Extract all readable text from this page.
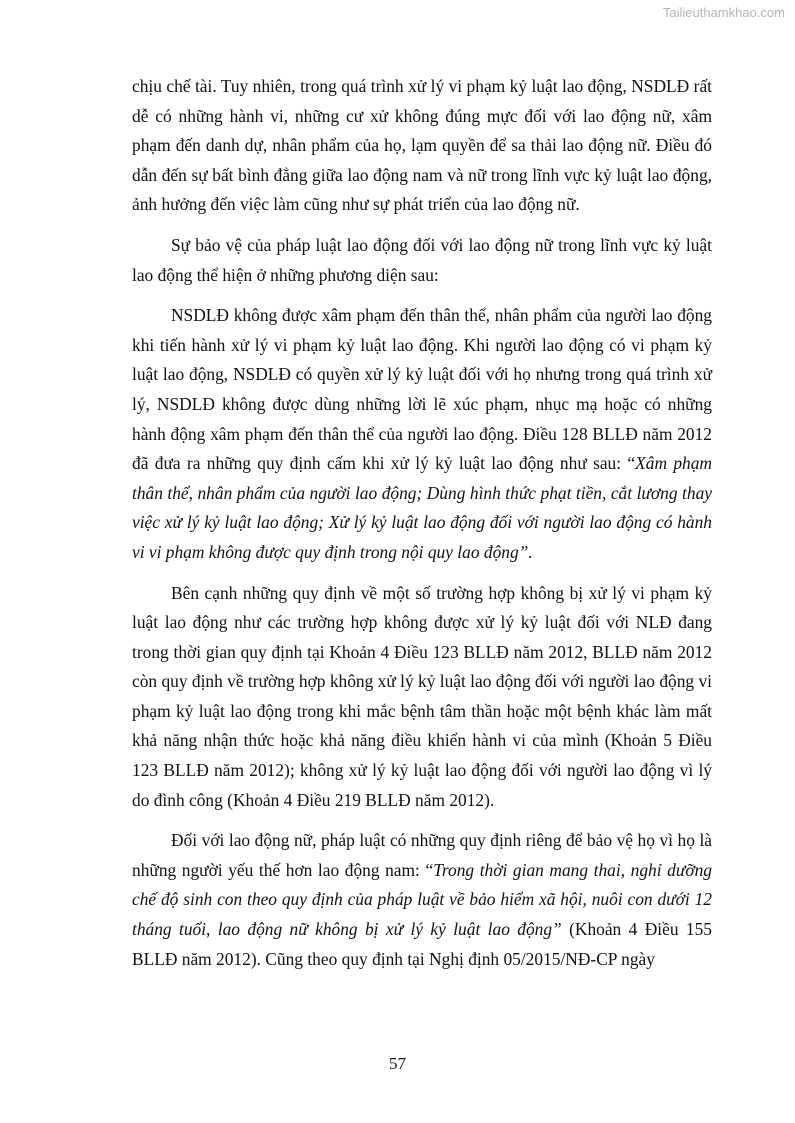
Tailieuthamkhao.com

chịu chế tài. Tuy nhiên, trong quá trình xử lý vi phạm kỷ luật lao động, NSDLĐ rất dễ có những hành vi, những cư xử không đúng mực đối với lao động nữ, xâm phạm đến danh dự, nhân phẩm của họ, lạm quyền để sa thải lao động nữ. Điều đó dẫn đến sự bất bình đẳng giữa lao động nam và nữ trong lĩnh vực kỷ luật lao động, ảnh hưởng đến việc làm cũng như sự phát triển của lao động nữ.

Sự bảo vệ của pháp luật lao động đối với lao động nữ trong lĩnh vực kỷ luật lao động thể hiện ở những phương diện sau:

NSDLĐ không được xâm phạm đến thân thể, nhân phẩm của người lao động khi tiến hành xử lý vi phạm kỷ luật lao động. Khi người lao động có vi phạm kỷ luật lao động, NSDLĐ có quyền xử lý kỷ luật đối với họ nhưng trong quá trình xử lý, NSDLĐ không được dùng những lời lẽ xúc phạm, nhục mạ hoặc có những hành động xâm phạm đến thân thể của người lao động. Điều 128 BLLĐ năm 2012 đã đưa ra những quy định cấm khi xử lý kỷ luật lao động như sau: “Xâm phạm thân thể, nhân phẩm của người lao động; Dùng hình thức phạt tiền, cắt lương thay việc xử lý kỷ luật lao động; Xử lý kỷ luật lao động đối với người lao động có hành vi vi phạm không được quy định trong nội quy lao động”.

Bên cạnh những quy định về một số trường hợp không bị xử lý vi phạm kỷ luật lao động như các trường hợp không được xử lý kỷ luật đối với NLĐ đang trong thời gian quy định tại Khoản 4 Điều 123 BLLĐ năm 2012, BLLĐ năm 2012 còn quy định về trường hợp không xử lý kỷ luật lao động đối với người lao động vi phạm kỷ luật lao động trong khi mắc bệnh tâm thần hoặc một bệnh khác làm mất khả năng nhận thức hoặc khả năng điều khiển hành vi của mình (Khoản 5 Điều 123 BLLĐ năm 2012); không xử lý kỷ luật lao động đối với người lao động vì lý do đình công (Khoản 4 Điều 219 BLLĐ năm 2012).

Đối với lao động nữ, pháp luật có những quy định riêng để bảo vệ họ vì họ là những người yếu thế hơn lao động nam: “Trong thời gian mang thai, nghỉ dưỡng chế độ sinh con theo quy định của pháp luật về bảo hiểm xã hội, nuôi con dưới 12 tháng tuổi, lao động nữ không bị xử lý kỷ luật lao động” (Khoản 4 Điều 155 BLLĐ năm 2012). Cũng theo quy định tại Nghị định 05/2015/NĐ-CP ngày

57
